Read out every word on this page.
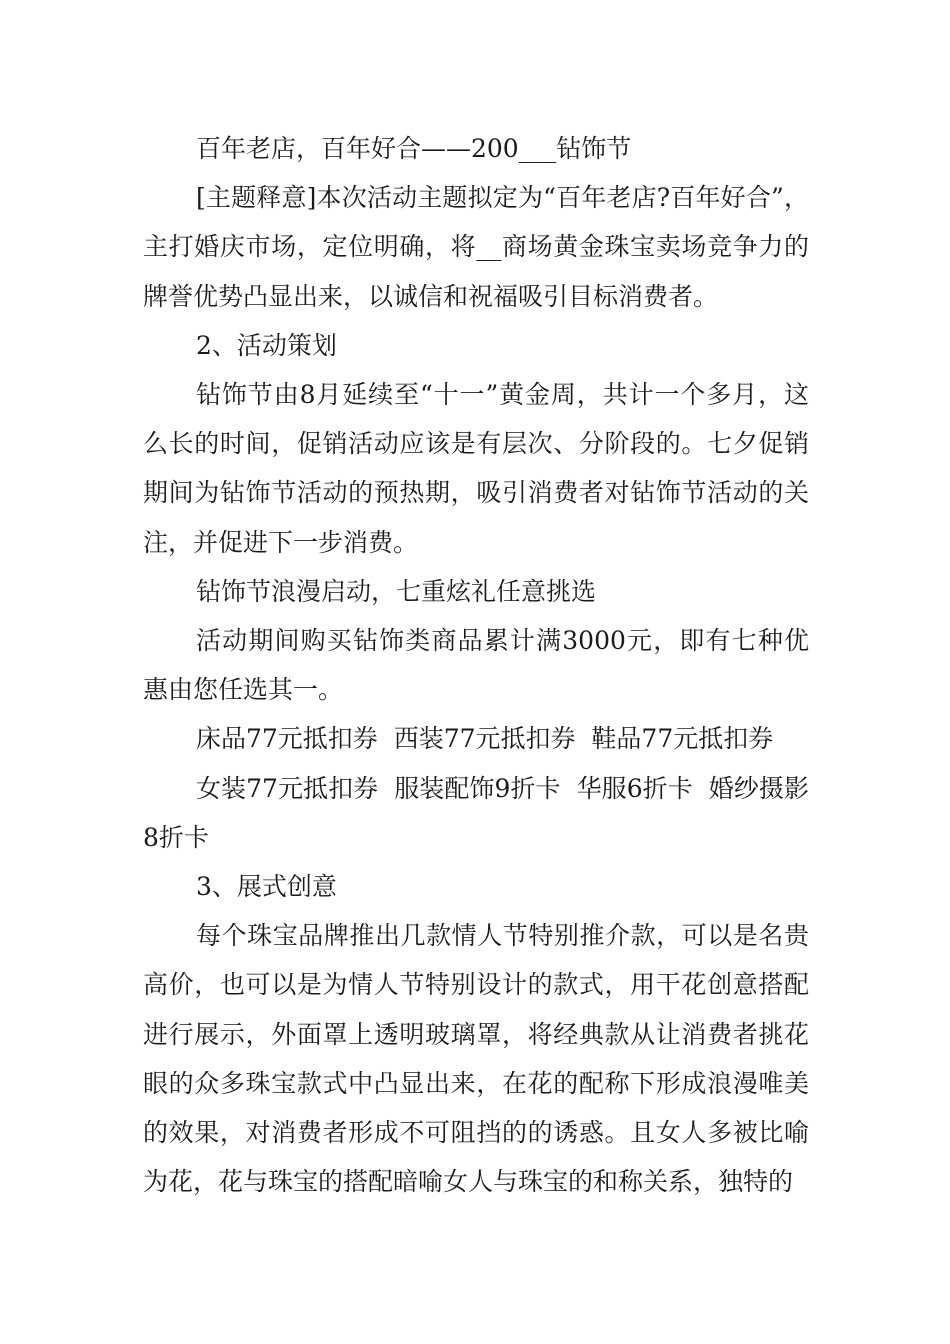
百年老店，百年好合——200___钻饰节

[主题释意]本次活动主题拟定为“百年老店?百年好合”，主打婚庆市场，定位明确，将__商场黄金珠宝卖场竞争力的牌誉优势凸显出来，以诚信和祝福吸引目标消费者。

2、活动策划

钻饰节由8月延续至“十一”黄金周，共计一个多月，这么长的时间，促销活动应该是有层次、分阶段的。七夕促销期间为钻饰节活动的预热期，吸引消费者对钻饰节活动的关注，并促进下一步消费。

钻饰节浪漫启动，七重炫礼任意挑选

活动期间购买钻饰类商品累计满3000元，即有七种优惠由您任选其一。

床品77元抵扣券  西装77元抵扣券  鞋品77元抵扣券

女装77元抵扣券  服装配饰9折卡  华服6折卡  婚纱摄影8折卡

3、展式创意

每个珠宝品牌推出几款情人节特别推介款，可以是名贵高价，也可以是为情人节特别设计的款式，用干花创意搭配进行展示，外面罩上透明玻璃罩，将经典款从让消费者挑花眼的众多珠宝款式中凸显出来，在花的配称下形成浪漫唯美的效果，对消费者形成不可阻挡的的诱惑。且女人多被比喻为花，花与珠宝的搭配暗喻女人与珠宝的和称关系，独特的
